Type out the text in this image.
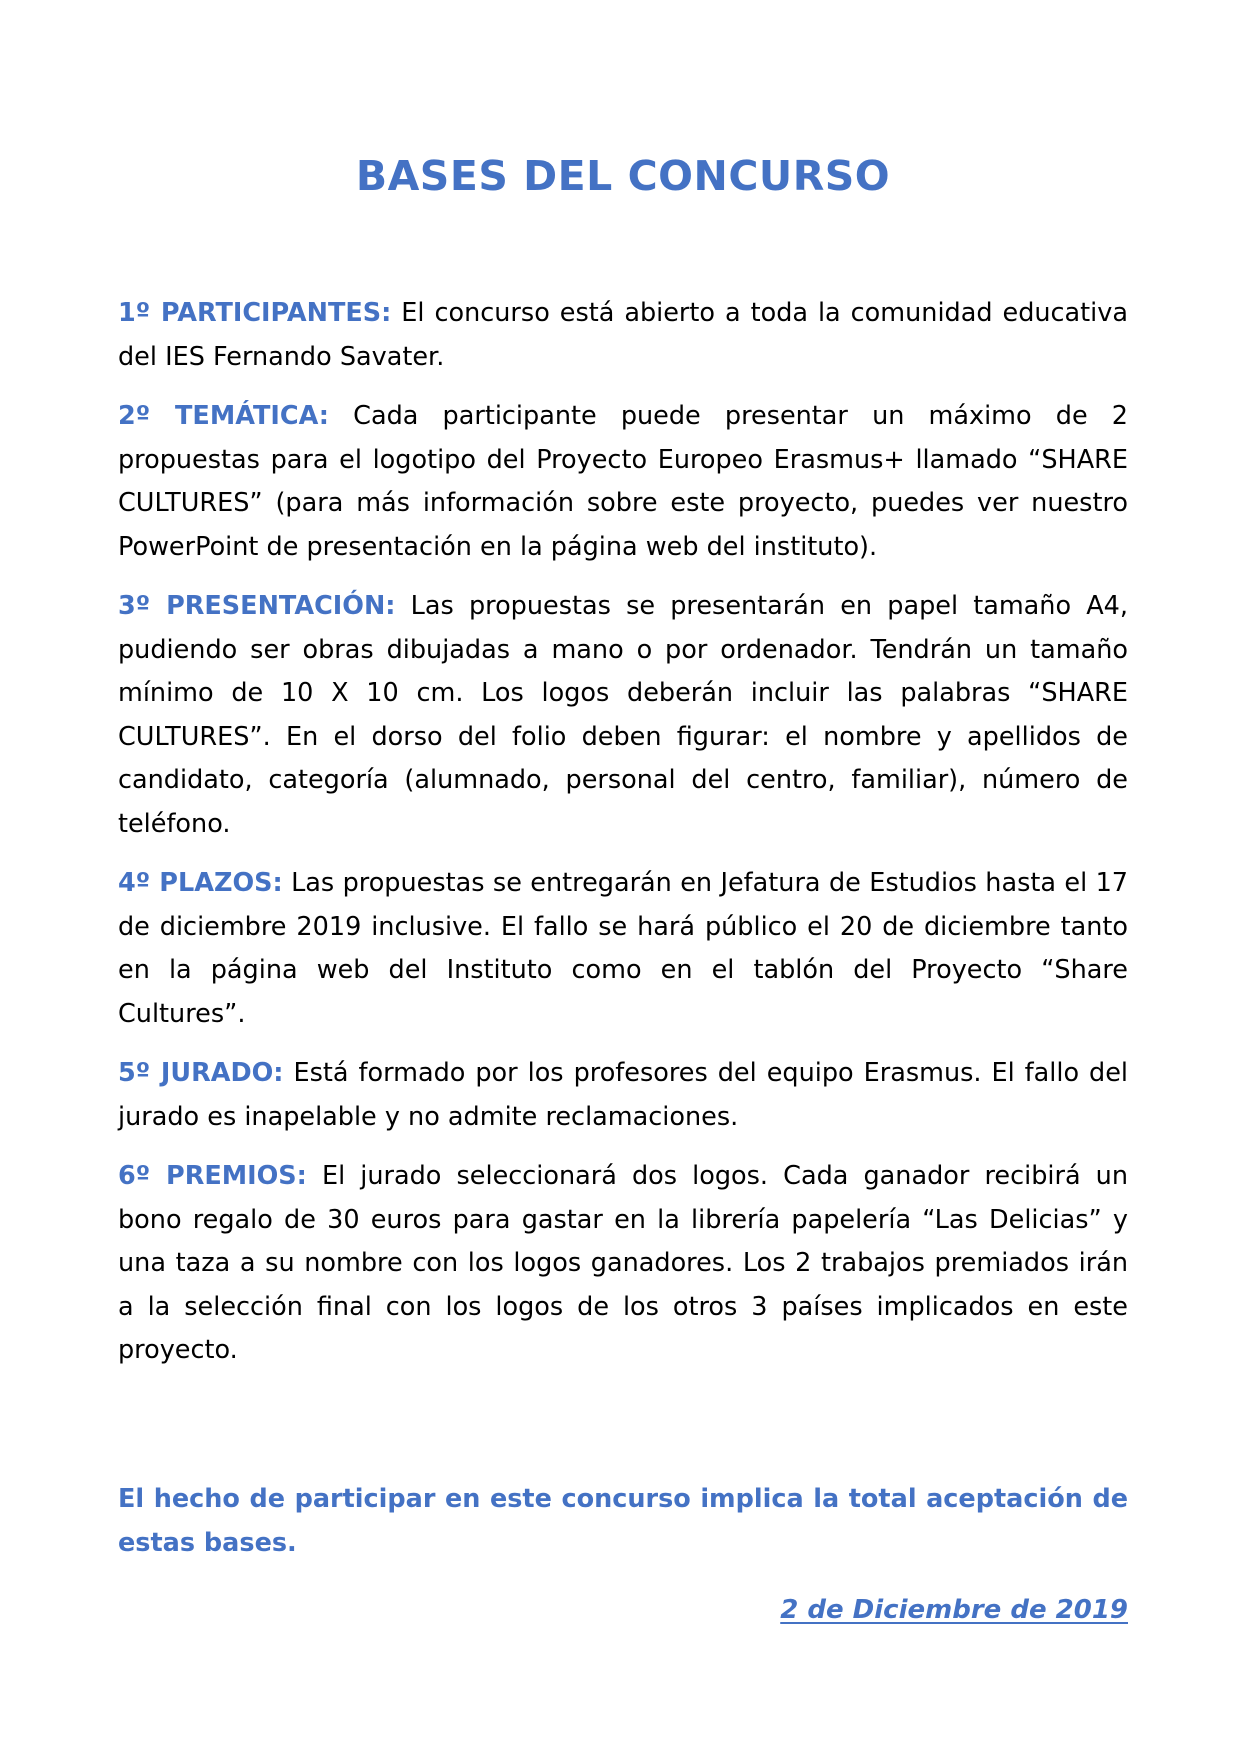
BASES DEL CONCURSO

1º PARTICIPANTES: El concurso está abierto a toda la comunidad educativa del IES Fernando Savater.

2º TEMÁTICA: Cada participante puede presentar un máximo de 2 propuestas para el logotipo del Proyecto Europeo Erasmus+ llamado “SHARE CULTURES” (para más información sobre este proyecto, puedes ver nuestro PowerPoint de presentación en la página web del instituto).

3º PRESENTACIÓN: Las propuestas se presentarán en papel tamaño A4, pudiendo ser obras dibujadas a mano o por ordenador. Tendrán un tamaño mínimo de 10 X 10 cm. Los logos deberán incluir las palabras “SHARE CULTURES”. En el dorso del folio deben figurar: el nombre y apellidos de candidato, categoría (alumnado, personal del centro, familiar), número de teléfono.

4º PLAZOS: Las propuestas se entregarán en Jefatura de Estudios hasta el 17 de diciembre 2019 inclusive. El fallo se hará público el 20 de diciembre tanto en la página web del Instituto como en el tablón del Proyecto “Share Cultures”.

5º JURADO: Está formado por los profesores del equipo Erasmus. El fallo del jurado es inapelable y no admite reclamaciones.

6º PREMIOS: El jurado seleccionará dos logos. Cada ganador recibirá un bono regalo de 30 euros para gastar en la librería papelería “Las Delicias” y una taza a su nombre con los logos ganadores. Los 2 trabajos premiados irán a la selección final con los logos de los otros 3 países implicados en este proyecto.

El hecho de participar en este concurso implica la total aceptación de estas bases.

2 de Diciembre de 2019
